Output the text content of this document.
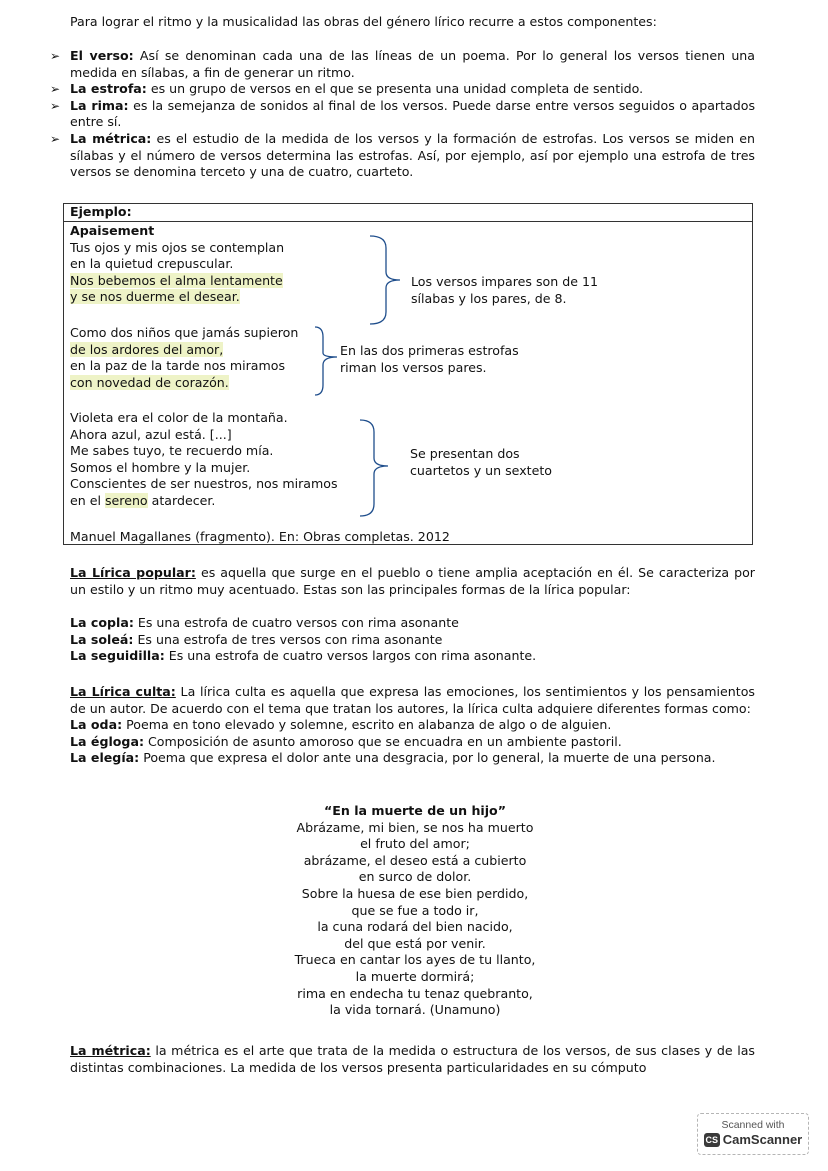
Para lograr el ritmo y la musicalidad las obras del género lírico recurre a estos componentes:
➢ El verso: Así se denominan cada una de las líneas de un poema. Por lo general los versos tienen una medida en sílabas, a fin de generar un ritmo.
➢ La estrofa: es un grupo de versos en el que se presenta una unidad completa de sentido.
➢ La rima: es la semejanza de sonidos al final de los versos. Puede darse entre versos seguidos o apartados entre sí.
➢ La métrica: es el estudio de la medida de los versos y la formación de estrofas. Los versos se miden en sílabas y el número de versos determina las estrofas. Así, por ejemplo, así por ejemplo una estrofa de tres versos se denomina terceto y una de cuatro, cuarteto.
Ejemplo:
Apaisement
Tus ojos y mis ojos se contemplan
en la quietud crepuscular.
Nos bebemos el alma lentamente
y se nos duerme el desear.
Como dos niños que jamás supieron
de los ardores del amor,
en la paz de la tarde nos miramos
con novedad de corazón.
Violeta era el color de la montaña.
Ahora azul, azul está. [...]
Me sabes tuyo, te recuerdo mía.
Somos el hombre y la mujer.
Conscientes de ser nuestros, nos miramos
en el sereno atardecer.
Los versos impares son de 11
sílabas y los pares, de 8.
En las dos primeras estrofas
riman los versos pares.
Se presentan dos
cuartetos y un sexteto
Manuel Magallanes (fragmento). En: Obras completas. 2012
La Lírica popular: es aquella que surge en el pueblo o tiene amplia aceptación en él. Se caracteriza por un estilo y un ritmo muy acentuado. Estas son las principales formas de la lírica popular:
La copla: Es una estrofa de cuatro versos con rima asonante
La soleá: Es una estrofa de tres versos con rima asonante
La seguidilla: Es una estrofa de cuatro versos largos con rima asonante.
La Lírica culta: La lírica culta es aquella que expresa las emociones, los sentimientos y los pensamientos de un autor. De acuerdo con el tema que tratan los autores, la lírica culta adquiere diferentes formas como:
La oda: Poema en tono elevado y solemne, escrito en alabanza de algo o de alguien.
La égloga: Composición de asunto amoroso que se encuadra en un ambiente pastoril.
La elegía: Poema que expresa el dolor ante una desgracia, por lo general, la muerte de una persona.
“En la muerte de un hijo”
Abrázame, mi bien, se nos ha muerto
el fruto del amor;
abrázame, el deseo está a cubierto
en surco de dolor.
Sobre la huesa de ese bien perdido,
que se fue a todo ir,
la cuna rodará del bien nacido,
del que está por venir.
Trueca en cantar los ayes de tu llanto,
la muerte dormirá;
rima en endecha tu tenaz quebranto,
la vida tornará. (Unamuno)
La métrica: la métrica es el arte que trata de la medida o estructura de los versos, de sus clases y de las distintas combinaciones. La medida de los versos presenta particularidades en su cómputo
Scanned with
CS CamScanner
